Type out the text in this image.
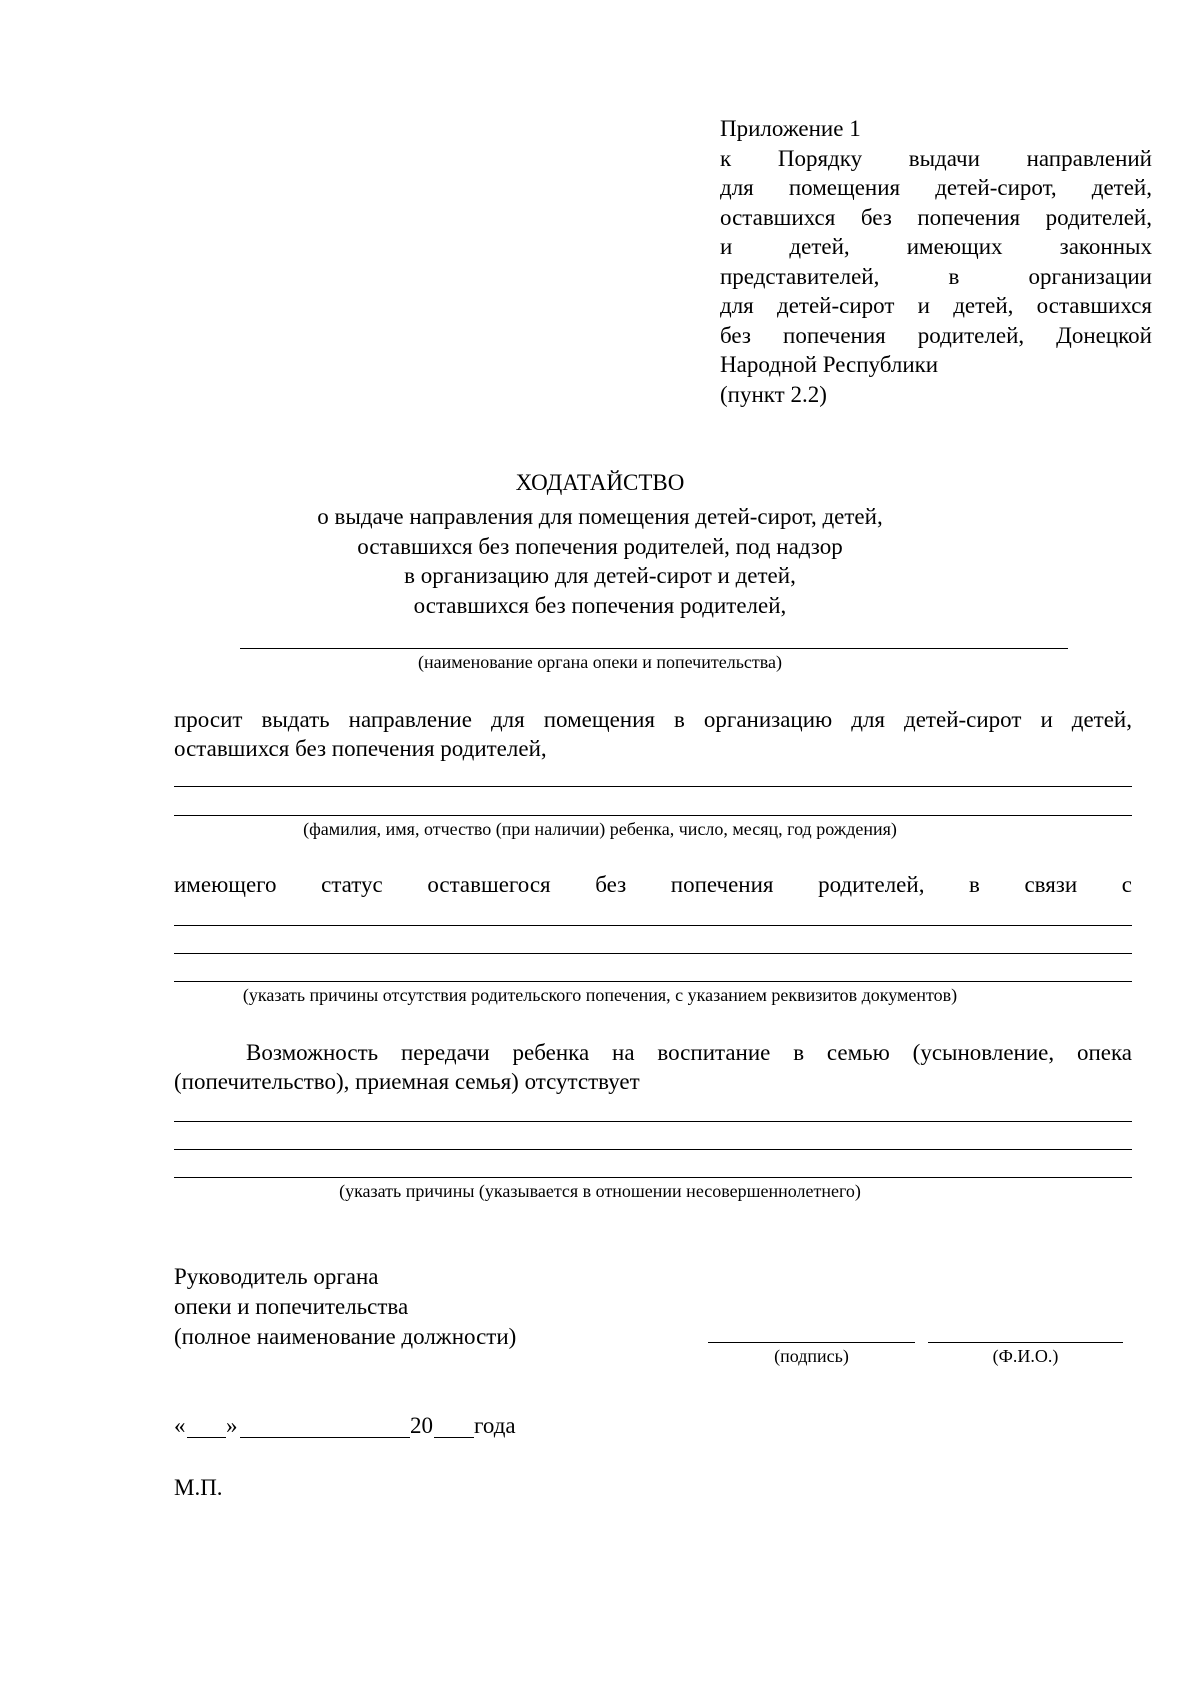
Приложение 1
к Порядку выдачи направлений
для помещения детей-сирот, детей,
оставшихся без попечения родителей,
и детей, имеющих законных
представителей, в организации
для детей-сирот и детей, оставшихся
без попечения родителей, Донецкой
Народной Республики
(пункт 2.2)
ХОДАТАЙСТВО
о выдаче направления для помещения детей-сирот, детей,
оставшихся без попечения родителей, под надзор
в организацию для детей-сирот и детей,
оставшихся без попечения родителей,
(наименование органа опеки и попечительства)
просит выдать направление для помещения в организацию для детей-сирот и детей,
оставшихся без попечения родителей,
(фамилия, имя, отчество (при наличии) ребенка, число, месяц, год рождения)
имеющего статус оставшегося без попечения родителей, в связи с
(указать причины отсутствия родительского попечения, с указанием реквизитов документов)
Возможность передачи ребенка на воспитание в семью (усыновление, опека
(попечительство), приемная семья) отсутствует
(указать причины (указывается в отношении несовершеннолетнего)
Руководитель органа
опеки и попечительства
(полное наименование должности)
(подпись)	(Ф.И.О.)
« »	20 года
М.П.
